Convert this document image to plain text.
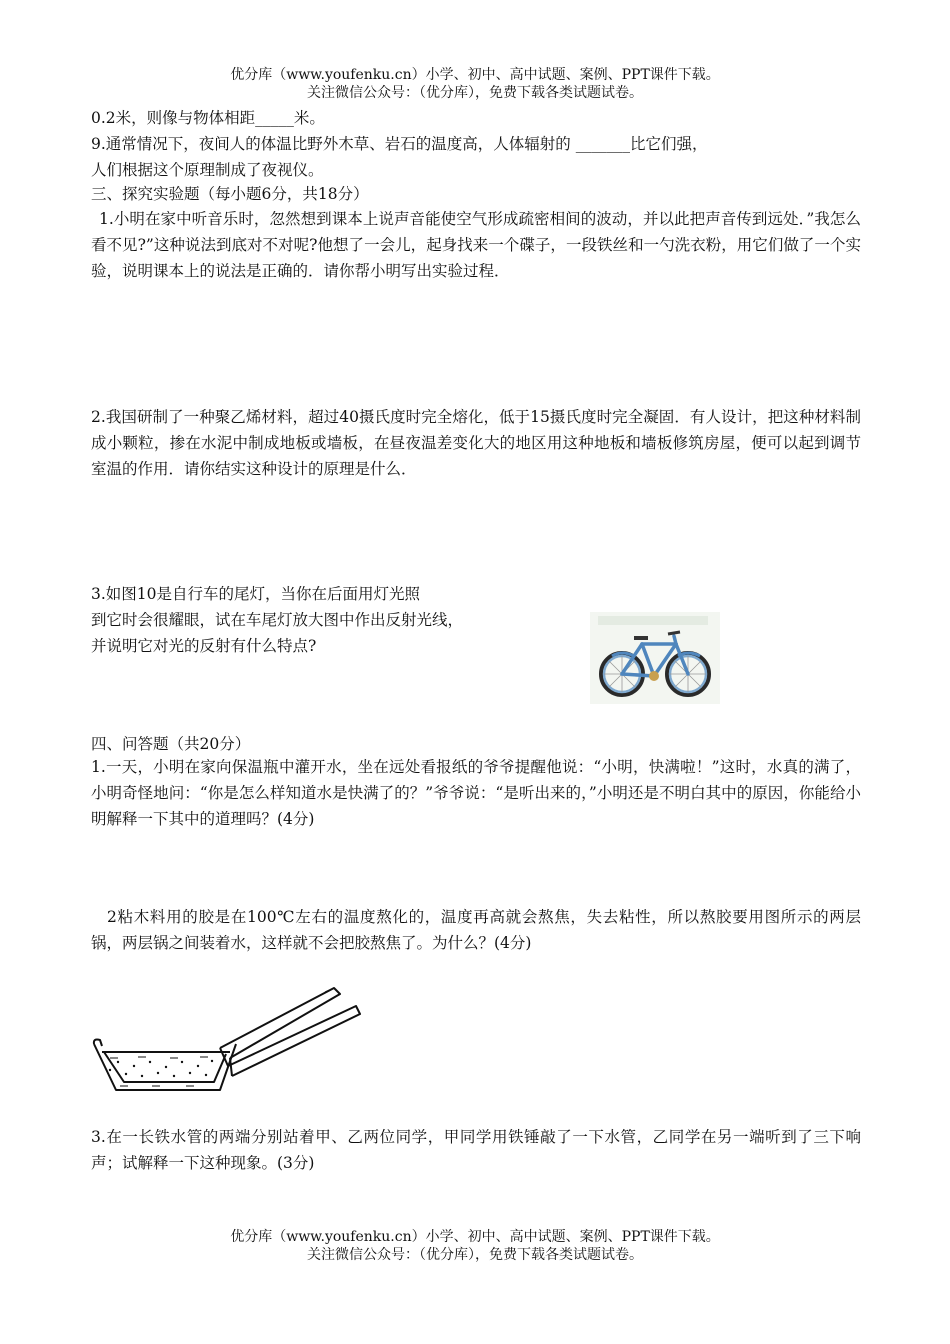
优分库（www.youfenku.cn）小学、初中、高中试题、案例、PPT课件下载。
关注微信公众号：（优分库），免费下载各类试题试卷。
0.2米，则像与物体相距_____米。
9.通常情况下，夜间人的体温比野外木草、岩石的温度高，人体辐射的 _______比它们强，
人们根据这个原理制成了夜视仪。
三、探究实验题（每小题6分，共18分）
1.小明在家中听音乐时，忽然想到课本上说声音能使空气形成疏密相间的波动，并以此把声音传到远处．”我怎么看不见?”这种说法到底对不对呢?他想了一会儿，起身找来一个碟子，一段铁丝和一勺洗衣粉，用它们做了一个实验，说明课本上的说法是正确的．请你帮小明写出实验过程．
2.我国研制了一种聚乙烯材料，超过40摄氏度时完全熔化，低于15摄氏度时完全凝固．有人设计，把这种材料制成小颗粒，掺在水泥中制成地板或墙板，在昼夜温差变化大的地区用这种地板和墙板修筑房屋，便可以起到调节室温的作用．请你结实这种设计的原理是什么．
3.如图10是自行车的尾灯，当你在后面用灯光照
到它时会很耀眼，试在车尾灯放大图中作出反射光线，
并说明它对光的反射有什么特点?
四、问答题（共20分）
1.一天，小明在家向保温瓶中灌开水，坐在远处看报纸的爷爷提醒他说：“小明，快满啦！”这时，水真的满了，小明奇怪地问：“你是怎么样知道水是快满了的？”爷爷说：“是听出来的，”小明还是不明白其中的原因，你能给小明解释一下其中的道理吗？(4分)
2粘木料用的胶是在100℃左右的温度熬化的，温度再高就会熬焦，失去粘性，所以熬胶要用图所示的两层锅，两层锅之间装着水，这样就不会把胶熬焦了。为什么？(4分)
3.在一长铁水管的两端分别站着甲、乙两位同学，甲同学用铁锤敲了一下水管，乙同学在另一端听到了三下响声；试解释一下这种现象。(3分)
优分库（www.youfenku.cn）小学、初中、高中试题、案例、PPT课件下载。
关注微信公众号：（优分库），免费下载各类试题试卷。
